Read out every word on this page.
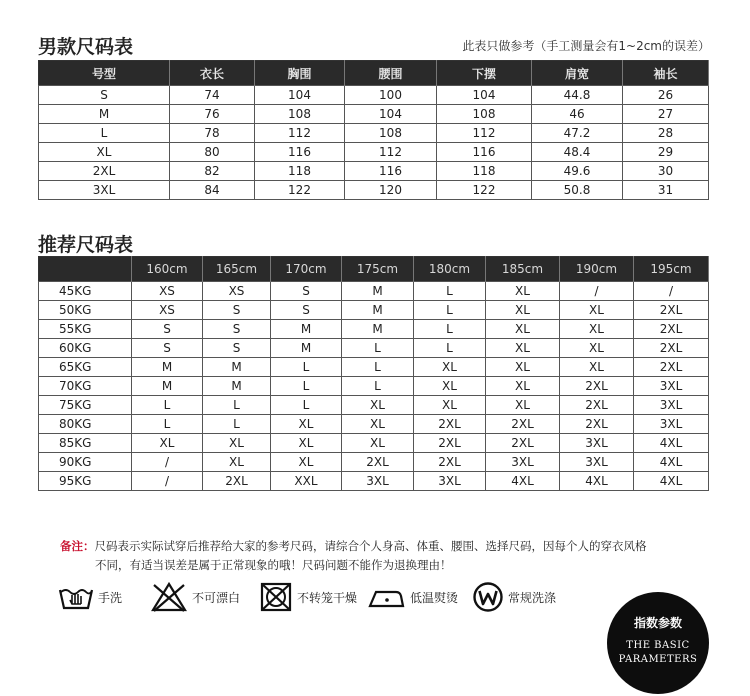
男款尺码表	此表只做参考（手工测量会有1~2cm的误差）
号型	衣长	胸围	腰围	下摆	肩宽	袖长
S	74	104	100	104	44.8	26
M	76	108	104	108	46	27
L	78	112	108	112	47.2	28
XL	80	116	112	116	48.4	29
2XL	82	118	116	118	49.6	30
3XL	84	122	120	122	50.8	31
推荐尺码表
	160cm	165cm	170cm	175cm	180cm	185cm	190cm	195cm
45KG	XS	XS	S	M	L	XL	/	/
50KG	XS	S	S	M	L	XL	XL	2XL
55KG	S	S	M	M	L	XL	XL	2XL
60KG	S	S	M	L	L	XL	XL	2XL
65KG	M	M	L	L	XL	XL	XL	2XL
70KG	M	M	L	L	XL	XL	2XL	3XL
75KG	L	L	L	XL	XL	XL	2XL	3XL
80KG	L	L	XL	XL	2XL	2XL	2XL	3XL
85KG	XL	XL	XL	XL	2XL	2XL	3XL	4XL
90KG	/	XL	XL	2XL	2XL	3XL	3XL	4XL
95KG	/	2XL	XXL	3XL	3XL	4XL	4XL	4XL
备注：尺码表示实际试穿后推荐给大家的参考尺码，请综合个人身高、体重、腰围、选择尺码，因每个人的穿衣风格
不同，有适当误差是属于正常现象的哦！尺码问题不能作为退换理由！
手洗	不可漂白	不转笼干燥	低温熨烫	常规洗涤
指数参数
THE BASIC
PARAMETERS
